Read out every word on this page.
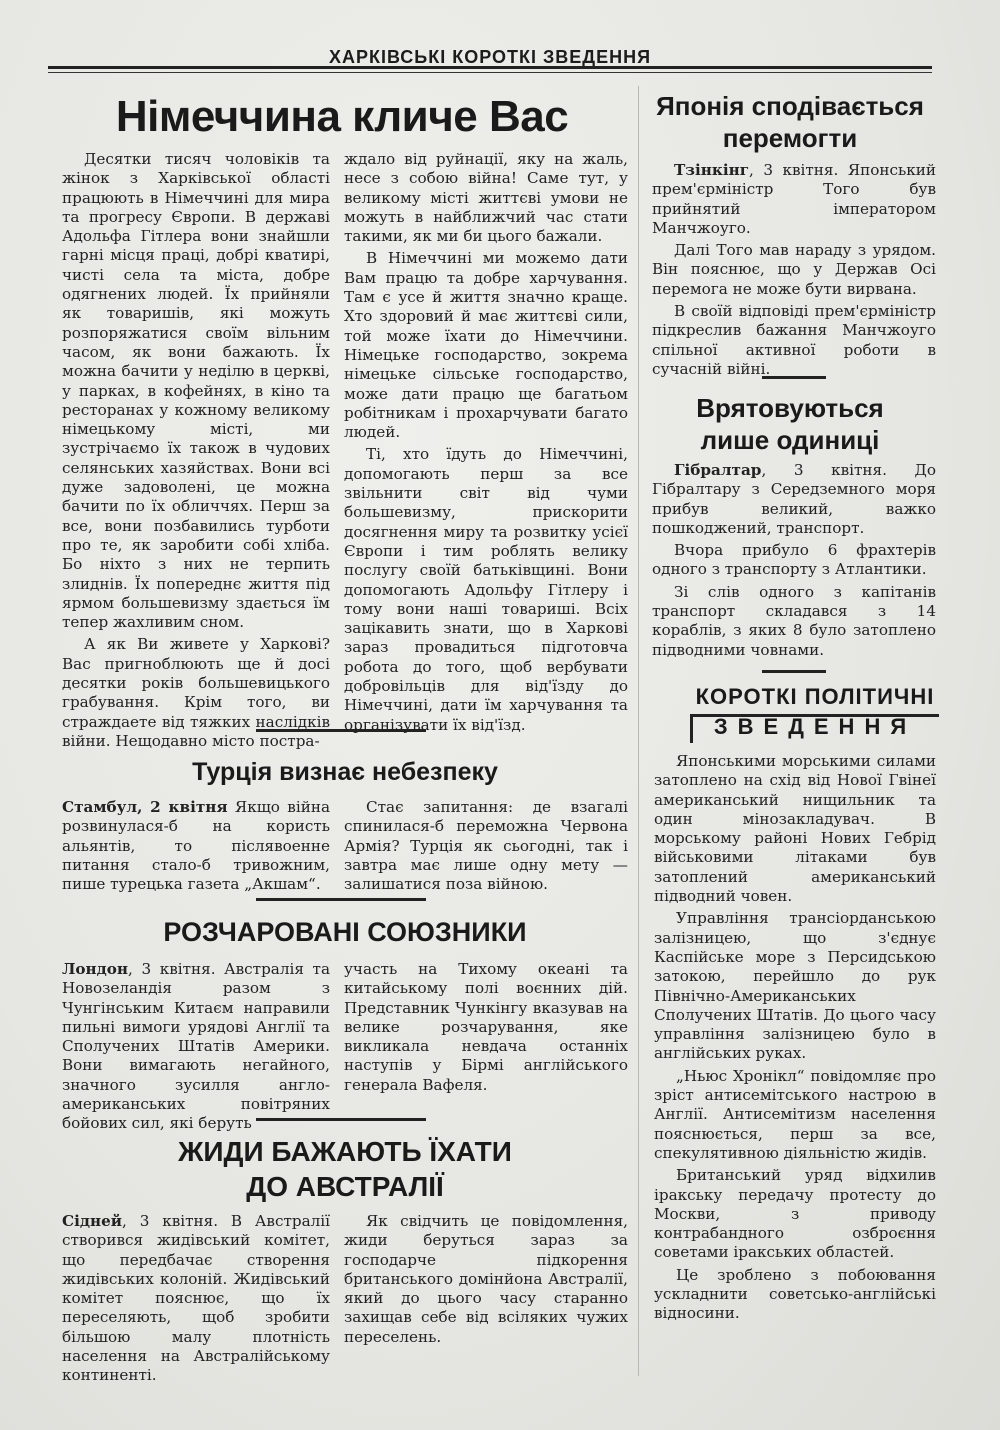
ХАРКІВСЬКІ КОРОТКІ ЗВЕДЕННЯ
Німеччина кличе Вас

Десятки тисяч чоловіків та жінок з Харківської області працюють в Німеччині для мира та прогресу Європи. В державі Адольфа Гітлера вони знайшли гарні місця праці, добрі кватирі, чисті села та міста, добре одягнених людей. Їх прийняли як товаришів, які можуть розпоряжатися своїм вільним часом, як вони бажають. Їх можна бачити у неділю в церкві, у парках, в кофейнях, в кіно та ресторанах у кожному великому німецькому місті, ми зустрічаємо їх також в чудових селянських хазяйствах. Вони всі дуже задоволені, це можна бачити по їх обличчях. Перш за все, вони позбавились турботи про те, як заробити собі хліба. Бо ніхто з них не терпить злиднів. Їх попереднє життя під ярмом большевизму здається їм тепер жахливим сном.

А як Ви живете у Харкові? Вас пригноблюють ще й досі десятки років большевицького грабування. Крім того, ви страждаете від тяжких наслідків війни. Нещодавно місто постра-

ждало від руйнації, яку на жаль, несе з собою війна! Саме тут, у великому місті життєві умови не можуть в найближчий час стати такими, як ми би цього бажали.

В Німеччині ми можемо дати Вам працю та добре харчування. Там є усе й життя значно краще. Хто здоровий й має життєві сили, той може їхати до Німеччини. Німецьке господарство, зокрема німецьке сільське господарство, може дати працю ще багатьом робітникам і прохарчувати багато людей.

Ті, хто їдуть до Німеччині, допомогають перш за все звільнити світ від чуми большевизму, прискорити досягнення миру та розвитку усієї Європи і тим роблять велику послугу своїй батьківщині. Вони допомогають Адольфу Гітлеру і тому вони наші товариші. Всіх зацікавить знати, що в Харкові зараз провадиться підготовча робота до того, щоб вербувати добровільців для від'їзду до Німеччині, дати їм харчування та організувати їх від'їзд.

Японія сподівається
перемогти

Тзінкінг, 3 квітня. Японський прем'єрміністр Того був прийнятий імператором Манчжоуго.

Далі Того мав нараду з урядом. Він пояснює, що у Держав Осі перемога не може бути вирвана.

В своїй відповіді прем'єрміністр підкреслив бажання Манчжоуго спільної активної роботи в сучасній війні.

Врятовуються
лише одиниці

Гібралтар, 3 квітня. До Гібралтару з Середземного моря прибув великий, важко пошкоджений, транспорт.

Вчора прибуло 6 фрахтерів одного з транспорту з Атлантики.

Зі слів одного з капітанів транспорт складався з 14 кораблів, з яких 8 було затоплено підводними човнами.

КОРОТКІ ПОЛІТИЧНІ
ЗВЕДЕННЯ

Японськими морськими силами затоплено на схід від Нової Гвінеї американський нищильник та один мінозакладувач. В морському районі Нових Гебрід військовими літаками був затоплений американський підводний човен.

Управління трансіорданською залізницею, що з'єднує Каспійське море з Персидською затокою, перейшло до рук Північно-Американських Сполучених Штатів. До цього часу управління залізницею було в англійських руках.

„Ньюс Хронікл“ повідомляє про зріст антисемітського настрою в Англії. Антисемітизм населення пояснюється, перш за все, спекулятивною діяльністю жидів.

Британський уряд відхилив іракську передачу протесту до Москви, з приводу контрабандного озброєння советами іракських областей.

Це зроблено з побоювання ускладнити советсько-англійські відносини.

Турція визнає небезпеку

Стамбул, 2 квітня Якщо війна розвинулася-б на користь альянтів, то післявоенне питання стало-б тривожним, пише турецька газета „Акшам“.

Стає запитання: де взагалі спинилася-б переможна Червона Армія? Турція як сьогодні, так і завтра має лише одну мету — залишатися поза війною.

РОЗЧАРОВАНІ СОЮЗНИКИ

Лондон, 3 квітня. Австралія та Новозеландія разом з Чунгінським Китаєм направили пильні вимоги урядові Англії та Сполучених Штатів Америки. Вони вимагають негайного, значного зусилля англо-американських повітряних бойових сил, які беруть

участь на Тихому океані та китайському полі воєнних дій. Представник Чункінгу вказував на велике розчарування, яке викликала невдача останніх наступів у Бірмі англійського генерала Вафеля.

ЖИДИ БАЖАЮТЬ ЇХАТИ
ДО АВСТРАЛІЇ

Сідней, 3 квітня. В Австралії створився жидівський комітет, що передбачає створення жидівських колоній. Жидівський комітет пояснює, що їх переселяють, щоб зробити більшою малу плотність населення на Австралійському континенті.

Як свідчить це повідомлення, жиди беруться зараз за господарче підкорення британського домінйона Австралії, який до цього часу старанно захищав себе від всіляких чужих переселень.
